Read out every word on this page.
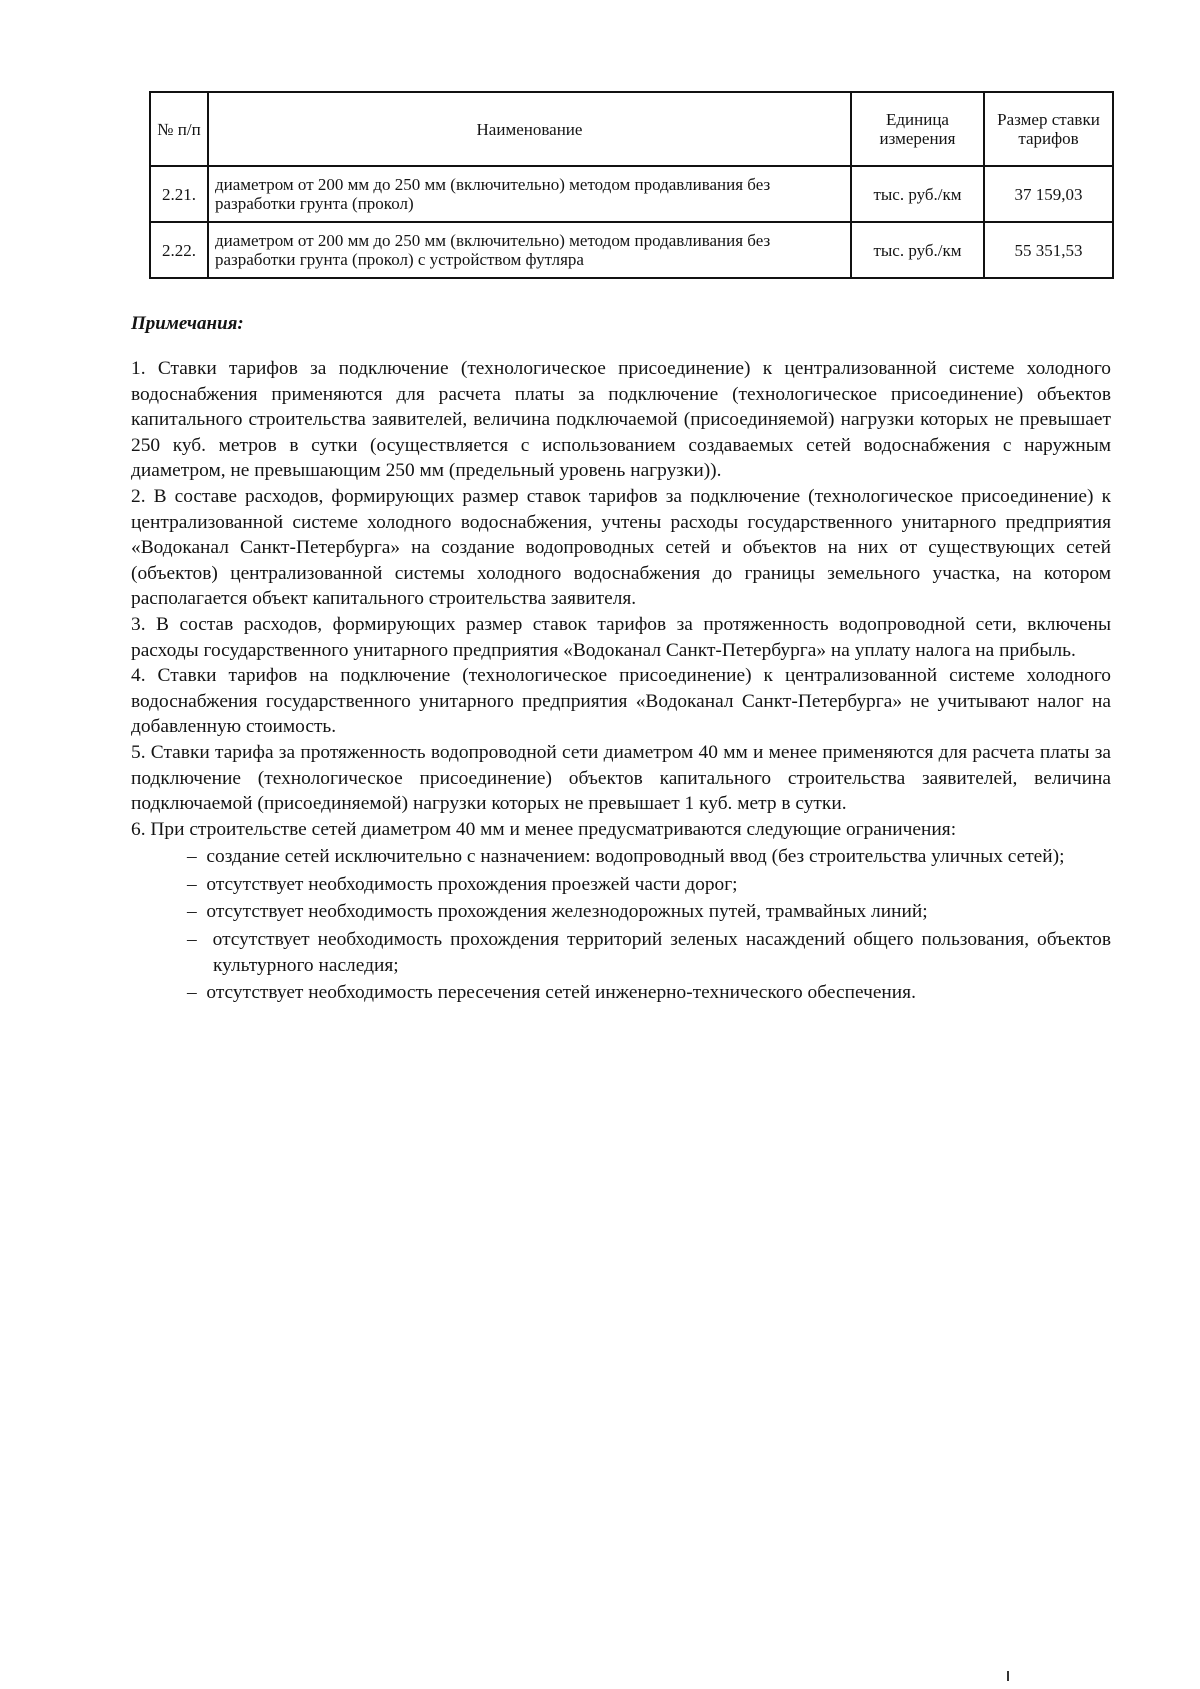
№ п/п	Наименование	Единица измерения	Размер ставки тарифов
2.21.	диаметром от 200 мм до 250 мм (включительно) методом продавливания без разработки грунта (прокол)	тыс. руб./км	37 159,03
2.22.	диаметром от 200 мм до 250 мм (включительно) методом продавливания без разработки грунта (прокол) с устройством футляра	тыс. руб./км	55 351,53
Примечания:

1. Ставки тарифов за подключение (технологическое присоединение) к централизованной системе холодного водоснабжения применяются для расчета платы за подключение (технологическое присоединение) объектов капитального строительства заявителей, величина подключаемой (присоединяемой) нагрузки которых не превышает 250 куб. метров в сутки (осуществляется с использованием создаваемых сетей водоснабжения с наружным диаметром, не превышающим 250 мм (предельный уровень нагрузки)).

2. В составе расходов, формирующих размер ставок тарифов за подключение (технологическое присоединение) к централизованной системе холодного водоснабжения, учтены расходы государственного унитарного предприятия «Водоканал Санкт-Петербурга» на создание водопроводных сетей и объектов на них от существующих сетей (объектов) централизованной системы холодного водоснабжения до границы земельного участка, на котором располагается объект капитального строительства заявителя.

3. В состав расходов, формирующих размер ставок тарифов за протяженность водопроводной сети, включены расходы государственного унитарного предприятия «Водоканал Санкт-Петербурга» на уплату налога на прибыль.

4. Ставки тарифов на подключение (технологическое присоединение) к централизованной системе холодного водоснабжения государственного унитарного предприятия «Водоканал Санкт-Петербурга» не учитывают налог на добавленную стоимость.

5. Ставки тарифа за протяженность водопроводной сети диаметром 40 мм и менее применяются для расчета платы за подключение (технологическое присоединение) объектов капитального строительства заявителей, величина подключаемой (присоединяемой) нагрузки которых не превышает 1 куб. метр в сутки.

6. При строительстве сетей диаметром 40 мм и менее предусматриваются следующие ограничения:

– создание сетей исключительно с назначением: водопроводный ввод (без строительства уличных сетей);
– отсутствует необходимость прохождения проезжей части дорог;
– отсутствует необходимость прохождения железнодорожных путей, трамвайных линий;
– отсутствует необходимость прохождения территорий зеленых насаждений общего пользования, объектов культурного наследия;
– отсутствует необходимость пересечения сетей инженерно-технического обеспечения.
